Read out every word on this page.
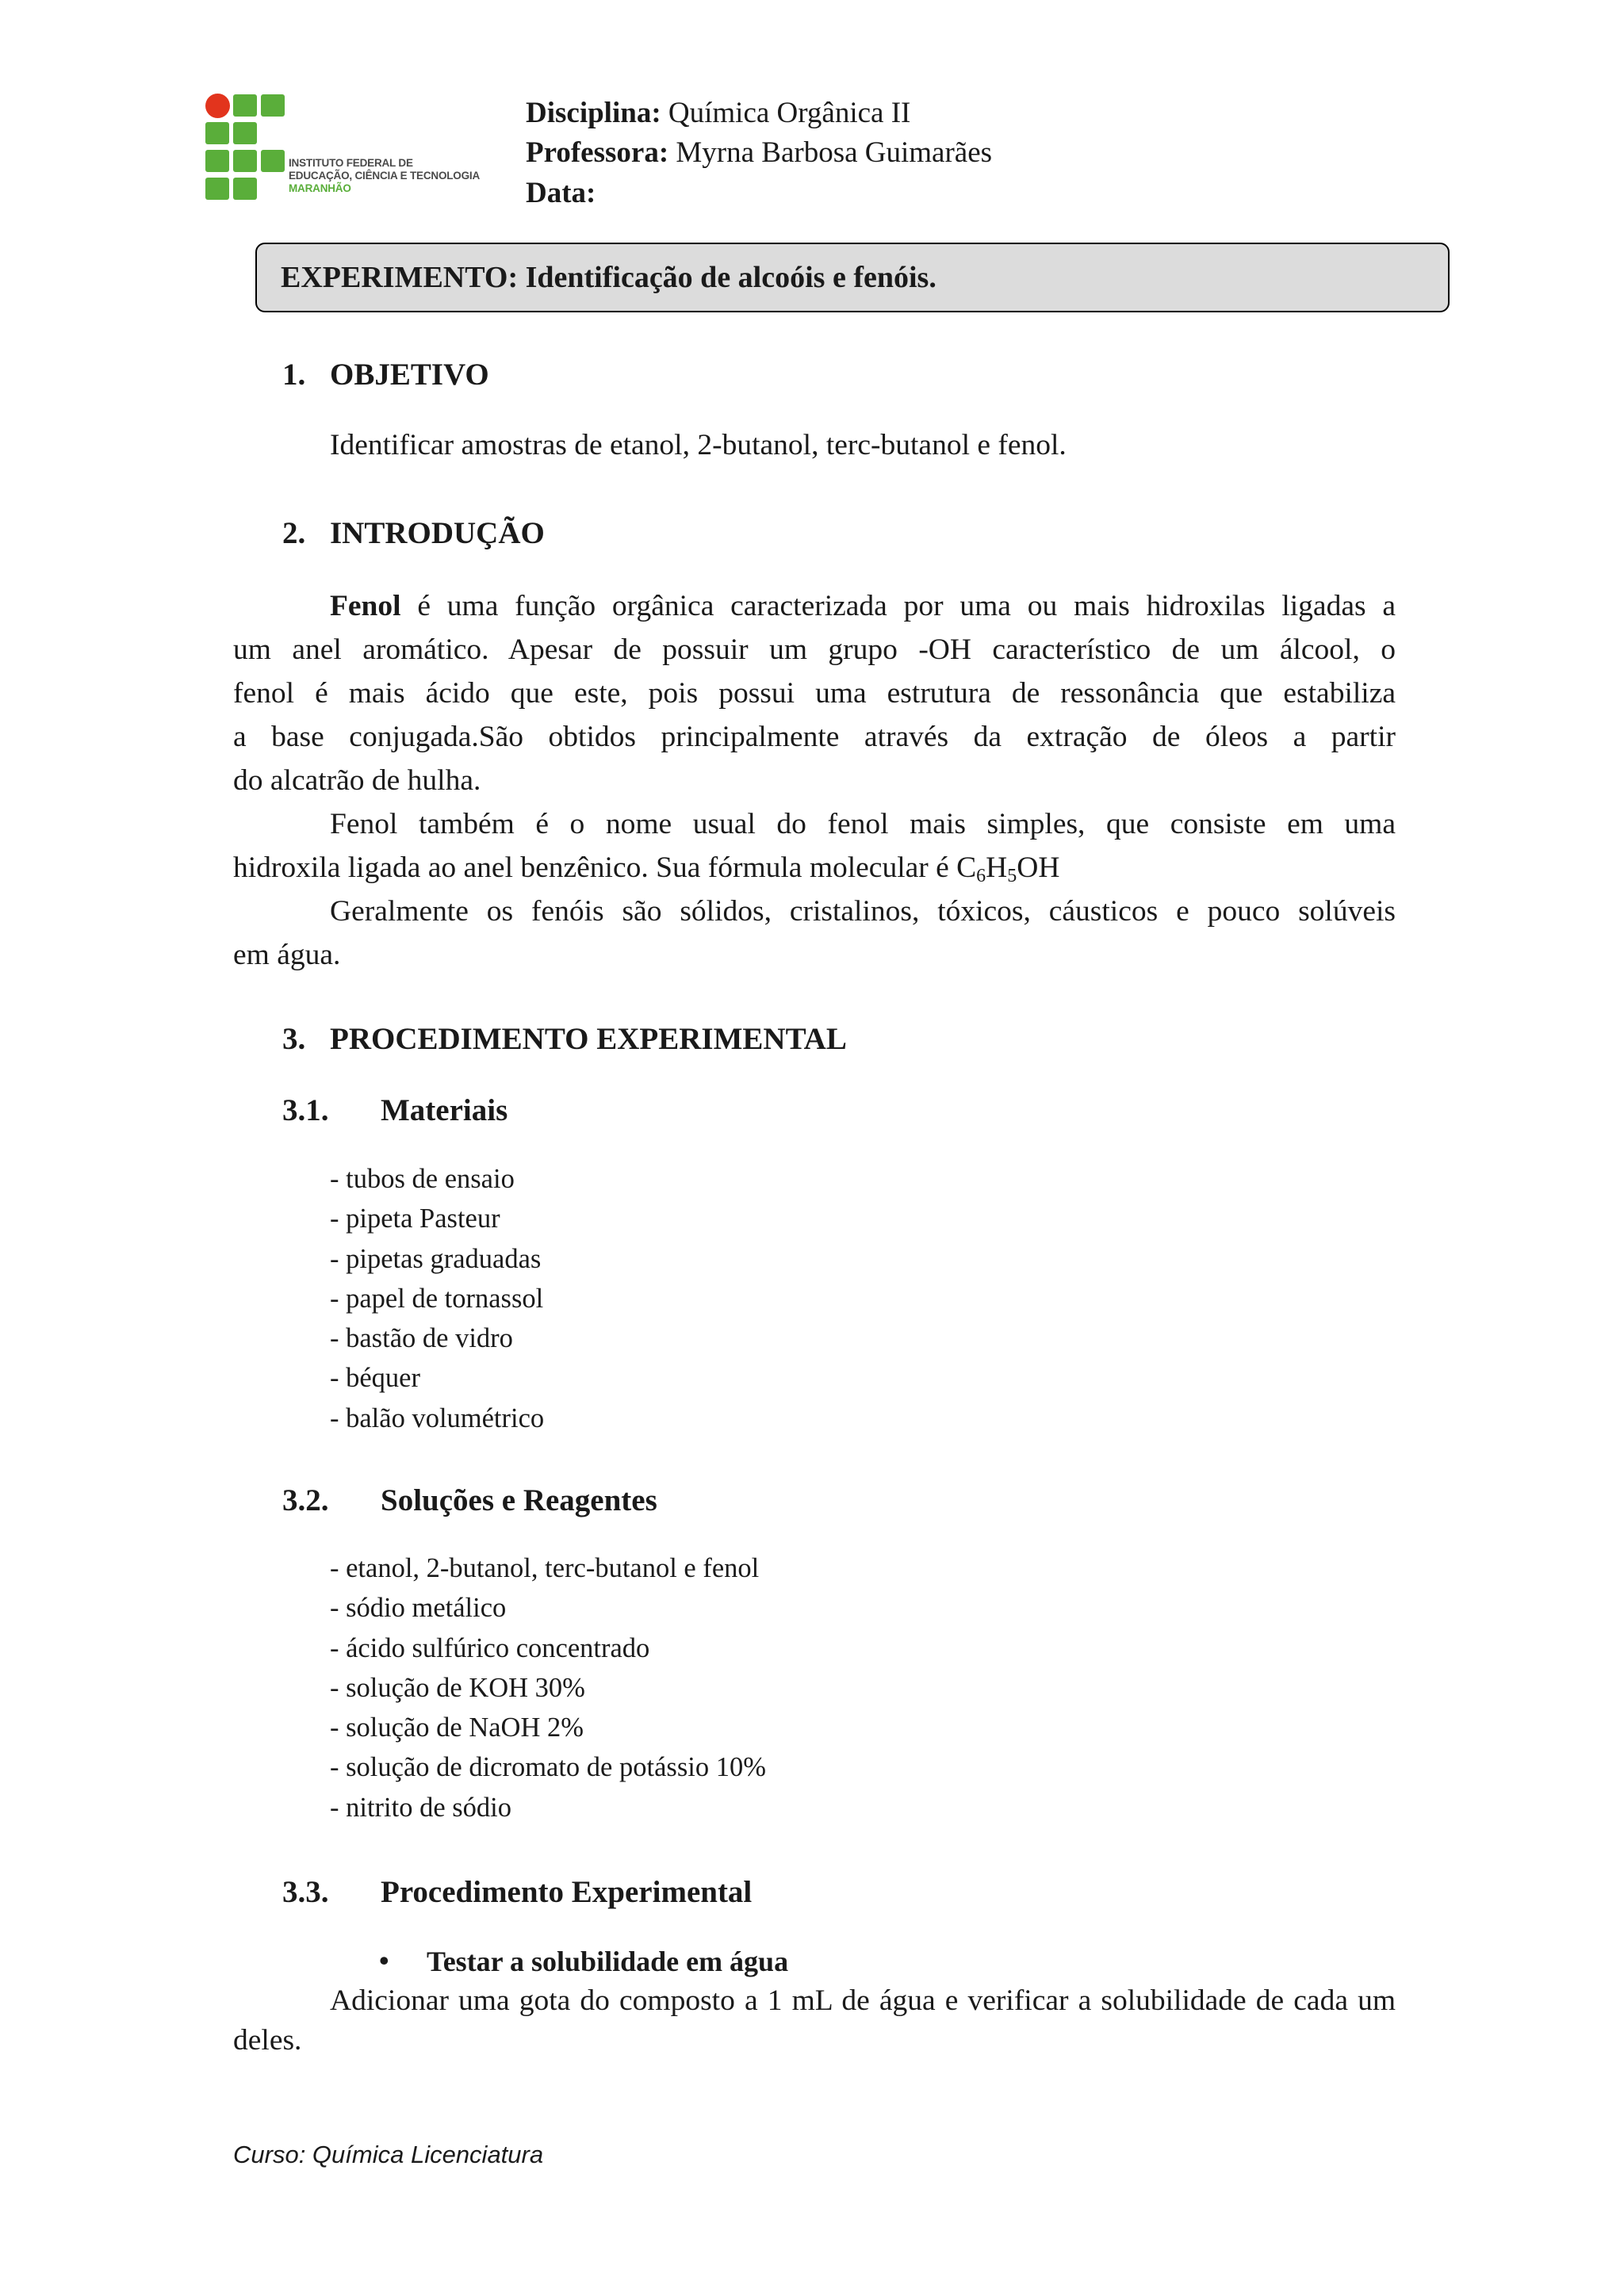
INSTITUTO FEDERAL DE
EDUCAÇÃO, CIÊNCIA E TECNOLOGIA
MARANHÃO
Disciplina: Química Orgânica II
Professora: Myrna Barbosa Guimarães
Data:
EXPERIMENTO: Identificação de alcoóis e fenóis.
1. OBJETIVO
Identificar amostras de etanol, 2-butanol, terc-butanol e fenol.
2. INTRODUÇÃO
Fenol é uma função orgânica caracterizada por uma ou mais hidroxilas ligadas a
um anel aromático. Apesar de possuir um grupo -OH característico de um álcool, o
fenol é mais ácido que este, pois possui uma estrutura de ressonância que estabiliza
a base conjugada.São obtidos principalmente através da extração de óleos a partir
do alcatrão de hulha.
Fenol também é o nome usual do fenol mais simples, que consiste em uma
hidroxila ligada ao anel benzênico. Sua fórmula molecular é $C_6H_5OH$
Geralmente os fenóis são sólidos, cristalinos, tóxicos, cáusticos e pouco solúveis
em água.
3. PROCEDIMENTO EXPERIMENTAL
3.1. Materiais
- tubos de ensaio
- pipeta Pasteur
- pipetas graduadas
- papel de tornassol
- bastão de vidro
- béquer
- balão volumétrico
3.2. Soluções e Reagentes
- etanol, 2-butanol, terc-butanol e fenol
- sódio metálico
- ácido sulfúrico concentrado
- solução de KOH 30%
- solução de NaOH 2%
- solução de dicromato de potássio 10%
- nitrito de sódio
3.3. Procedimento Experimental
• Testar a solubilidade em água
Adicionar uma gota do composto a 1 mL de água e verificar a solubilidade de cada um
deles.
Curso: Química Licenciatura
